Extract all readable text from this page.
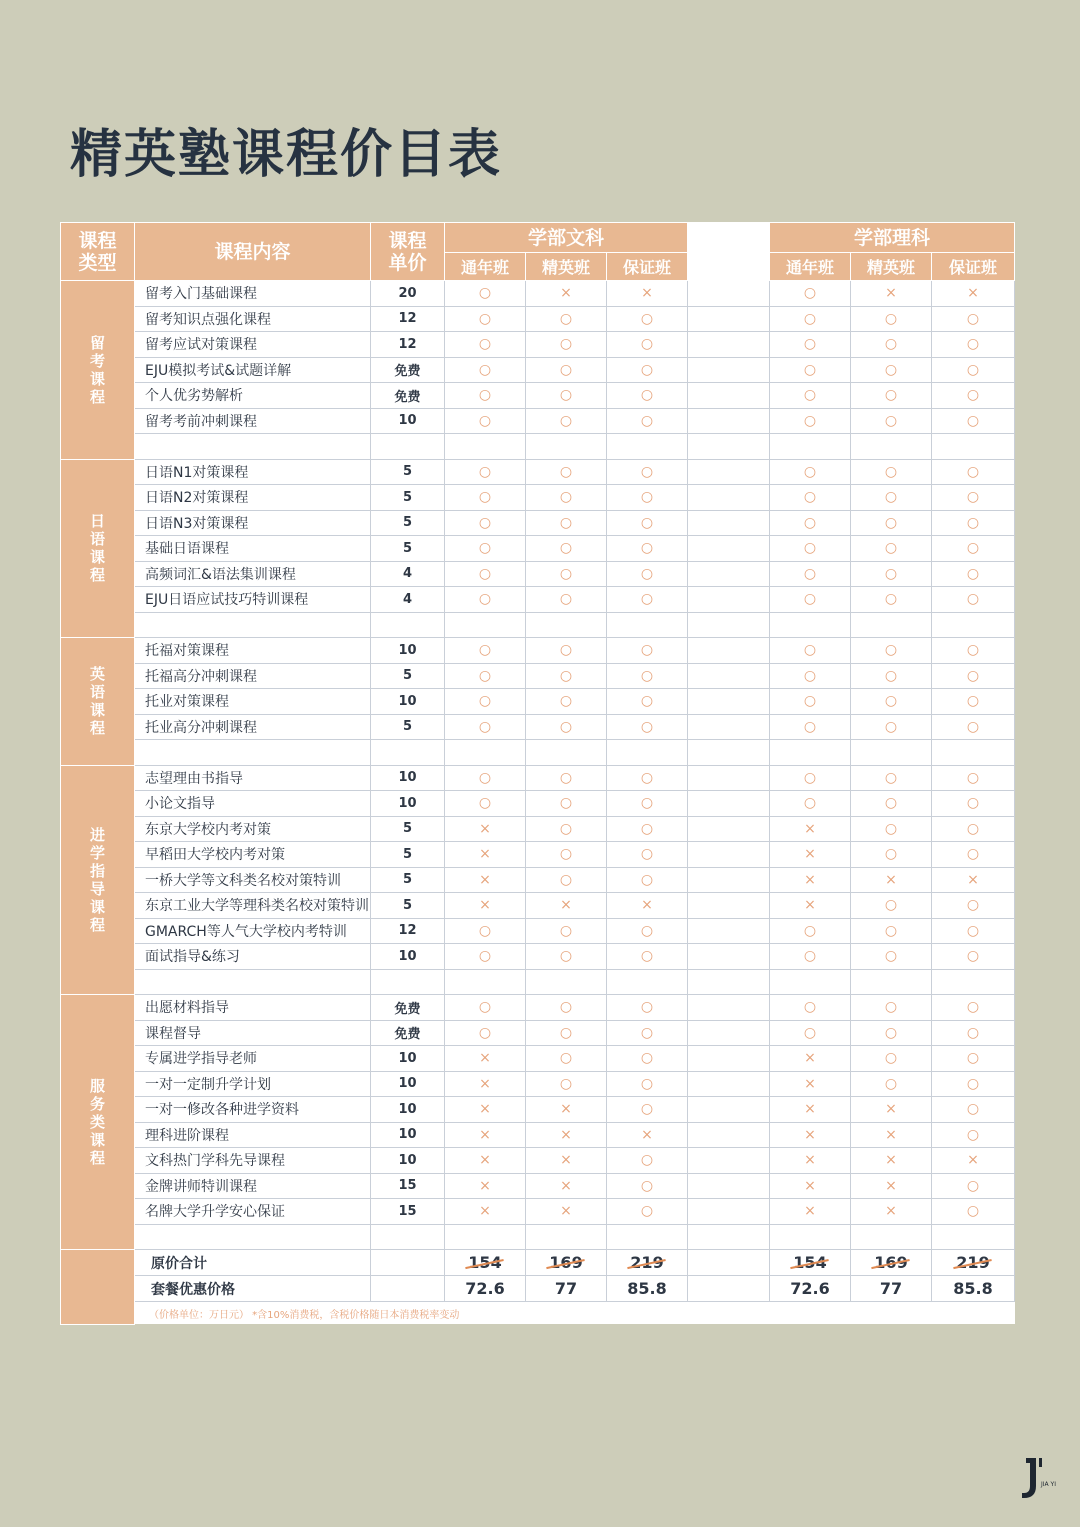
精英塾课程价目表
课程
类型	课程内容	课程
单价	学部文科				学部理科		
			通年班	精英班	保证班		通年班	精英班	保证班
留考课程	留考入门基础课程	20	○	×	×		○	×	×
	留考知识点强化课程	12	○	○	○		○	○	○
	留考应试对策课程	12	○	○	○		○	○	○
	EJU模拟考试&试题详解	免费	○	○	○		○	○	○
	个人优劣势解析	免费	○	○	○		○	○	○
	留考考前冲刺课程	10	○	○	○		○	○	○

日语课程	日语N1对策课程	5	○	○	○		○	○	○
	日语N2对策课程	5	○	○	○		○	○	○
	日语N3对策课程	5	○	○	○		○	○	○
	基础日语课程	5	○	○	○		○	○	○
	高频词汇&语法集训课程	4	○	○	○		○	○	○
	EJU日语应试技巧特训课程	4	○	○	○		○	○	○

英语课程	托福对策课程	10	○	○	○		○	○	○
	托福高分冲刺课程	5	○	○	○		○	○	○
	托业对策课程	10	○	○	○		○	○	○
	托业高分冲刺课程	5	○	○	○		○	○	○

进学指导课程	志望理由书指导	10	○	○	○		○	○	○
	小论文指导	10	○	○	○		○	○	○
	东京大学校内考对策	5	×	○	○		×	○	○
	早稻田大学校内考对策	5	×	○	○		×	○	○
	一桥大学等文科类名校对策特训	5	×	○	○		×	×	×
	东京工业大学等理科类名校对策特训	5	×	×	×		×	○	○
	GMARCH等人气大学校内考特训	12	○	○	○		○	○	○
	面试指导&练习	10	○	○	○		○	○	○

服务类课程	出愿材料指导	免费	○	○	○		○	○	○
	课程督导	免费	○	○	○		○	○	○
	专属进学指导老师	10	×	○	○		×	○	○
	一对一定制升学计划	10	×	○	○		×	○	○
	一对一修改各种进学资料	10	×	×	○		×	×	○
	理科进阶课程	10	×	×	×		×	×	○
	文科热门学科先导课程	10	×	×	○		×	×	×
	金牌讲师特训课程	15	×	×	○		×	×	○
	名牌大学升学安心保证	15	×	×	○		×	×	○

	原价合计		154	169	219		154	169	219
	套餐优惠价格		72.6	77	85.8		72.6	77	85.8
	（价格单位：万日元） *含10%消费税，含税价格随日本消费税率变动								
JIA YI
